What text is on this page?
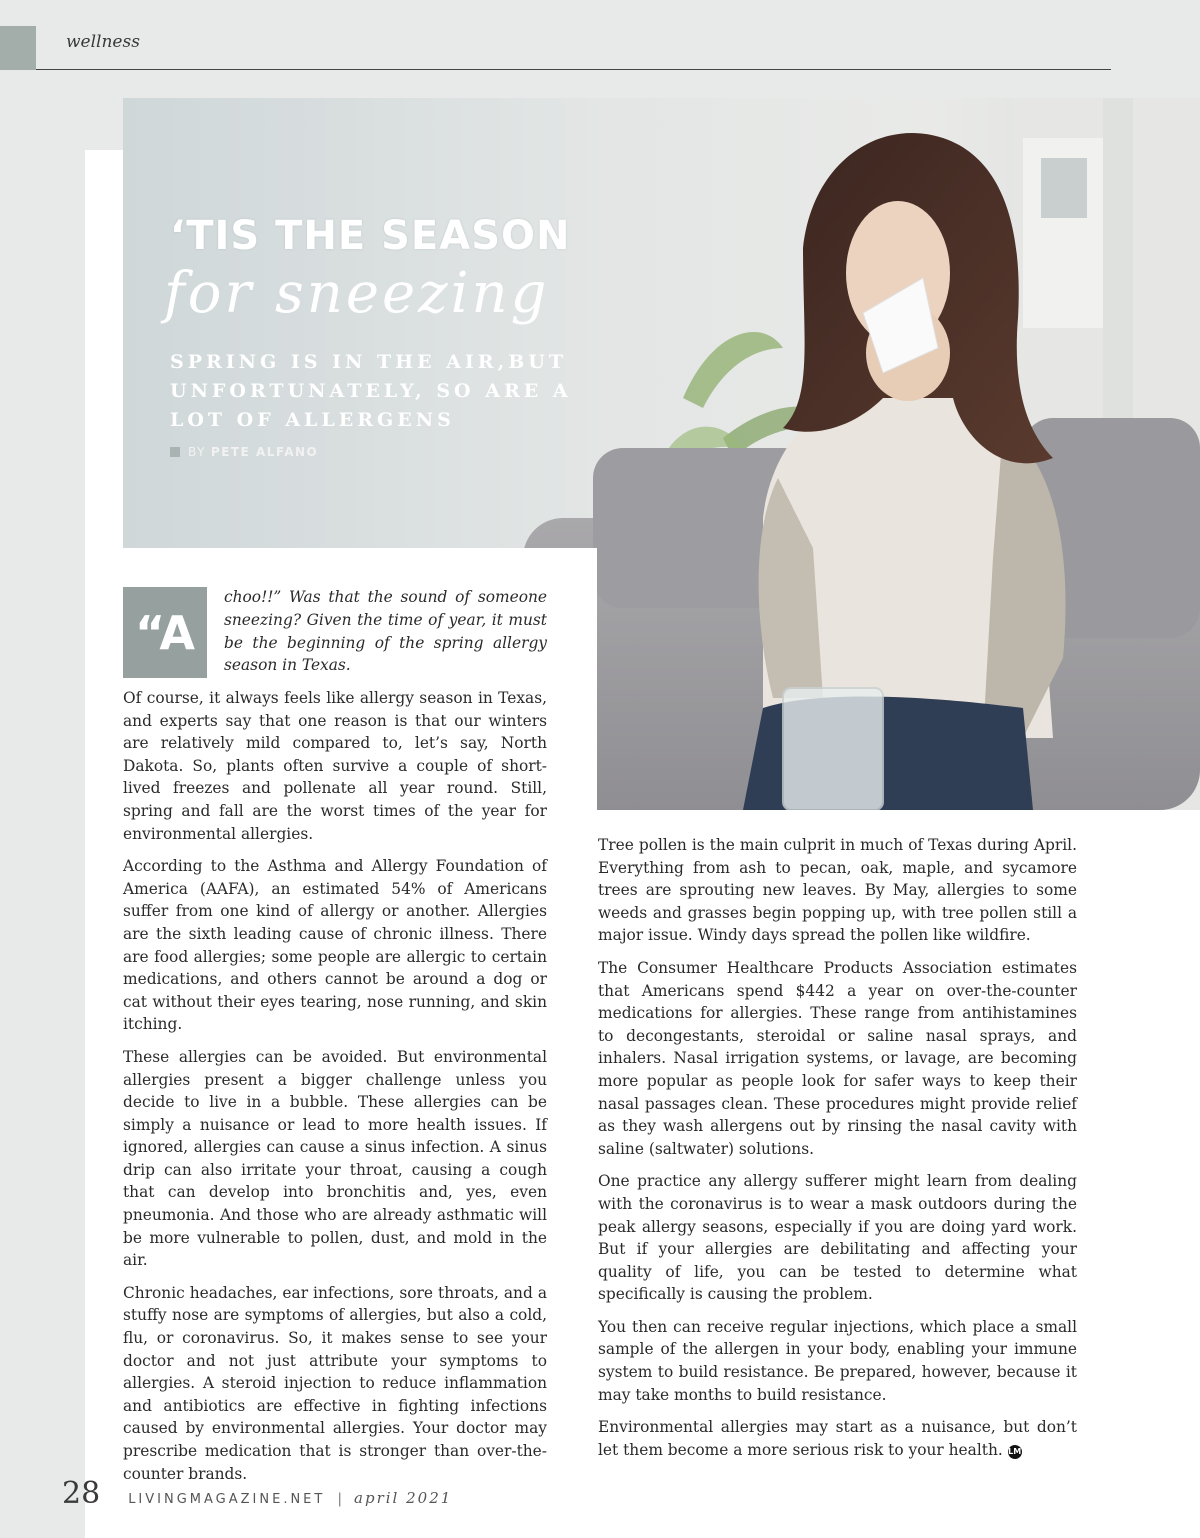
wellness
‘TIS THE SEASON
for sneezing
SPRING IS IN THE AIR,BUT UNFORTUNATELY, SO ARE A LOT OF ALLERGENS
BY PETE ALFANO
“A
choo!!” Was that the sound of someone sneezing? Given the time of year, it must be the beginning of the spring allergy season in Texas.

Of course, it always feels like allergy season in Texas, and experts say that one reason is that our winters are relatively mild compared to, let’s say, North Dakota. So, plants often survive a couple of short-lived freezes and pollenate all year round. Still, spring and fall are the worst times of the year for environmental allergies.

According to the Asthma and Allergy Foundation of America (AAFA), an estimated 54% of Americans suffer from one kind of allergy or another. Allergies are the sixth leading cause of chronic illness. There are food allergies; some people are allergic to certain medications, and others cannot be around a dog or cat without their eyes tearing, nose running, and skin itching.

These allergies can be avoided. But environmental allergies present a bigger challenge unless you decide to live in a bubble. These allergies can be simply a nuisance or lead to more health issues. If ignored, allergies can cause a sinus infection. A sinus drip can also irritate your throat, causing a cough that can develop into bronchitis and, yes, even pneumonia. And those who are already asthmatic will be more vulnerable to pollen, dust, and mold in the air.

Chronic headaches, ear infections, sore throats, and a stuffy nose are symptoms of allergies, but also a cold, flu, or coronavirus. So, it makes sense to see your doctor and not just attribute your symptoms to allergies. A steroid injection to reduce inflammation and antibiotics are effective in fighting infections caused by environmental allergies. Your doctor may prescribe medication that is stronger than over-the-counter brands.

Tree pollen is the main culprit in much of Texas during April. Everything from ash to pecan, oak, maple, and sycamore trees are sprouting new leaves. By May, allergies to some weeds and grasses begin popping up, with tree pollen still a major issue. Windy days spread the pollen like wildfire.

The Consumer Healthcare Products Association estimates that Americans spend $442 a year on over-the-counter medications for allergies. These range from antihistamines to decongestants, steroidal or saline nasal sprays, and inhalers. Nasal irrigation systems, or lavage, are becoming more popular as people look for safer ways to keep their nasal passages clean. These procedures might provide relief as they wash allergens out by rinsing the nasal cavity with saline (saltwater) solutions.

One practice any allergy sufferer might learn from dealing with the coronavirus is to wear a mask outdoors during the peak allergy seasons, especially if you are doing yard work. But if your allergies are debilitating and affecting your quality of life, you can be tested to determine what specifically is causing the problem.

You then can receive regular injections, which place a small sample of the allergen in your body, enabling your immune system to build resistance. Be prepared, however, because it may take months to build resistance.

Environmental allergies may start as a nuisance, but don’t let them become a more serious risk to your health. LM

28 LIVINGMAGAZINE.NET | april 2021
